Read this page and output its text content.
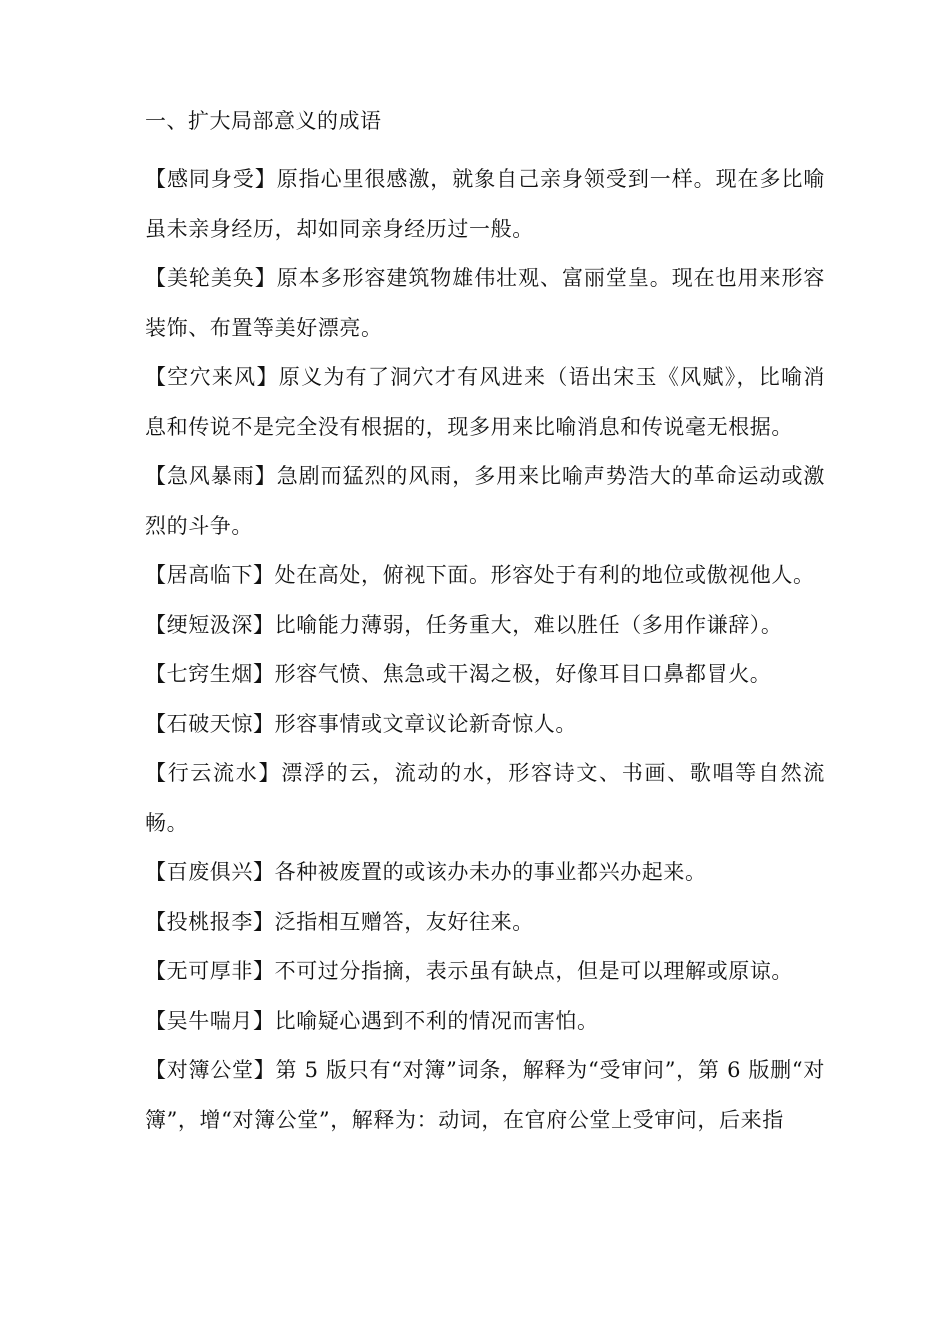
一、扩大局部意义的成语

【感同身受】原指心里很感激，就象自己亲身领受到一样。现在多比喻虽未亲身经历，却如同亲身经历过一般。

【美轮美奂】原本多形容建筑物雄伟壮观、富丽堂皇。现在也用来形容装饰、布置等美好漂亮。

【空穴来风】原义为有了洞穴才有风进来（语出宋玉《风赋》，比喻消息和传说不是完全没有根据的，现多用来比喻消息和传说毫无根据。

【急风暴雨】急剧而猛烈的风雨，多用来比喻声势浩大的革命运动或激烈的斗争。

【居高临下】处在高处，俯视下面。形容处于有利的地位或傲视他人。

【绠短汲深】比喻能力薄弱，任务重大，难以胜任（多用作谦辞）。

【七窍生烟】形容气愤、焦急或干渴之极，好像耳目口鼻都冒火。

【石破天惊】形容事情或文章议论新奇惊人。

【行云流水】漂浮的云，流动的水，形容诗文、书画、歌唱等自然流畅。

【百废俱兴】各种被废置的或该办未办的事业都兴办起来。

【投桃报李】泛指相互赠答，友好往来。

【无可厚非】不可过分指摘，表示虽有缺点，但是可以理解或原谅。

【吴牛喘月】比喻疑心遇到不利的情况而害怕。

【对簿公堂】第 5 版只有“对簿”词条，解释为“受审问”，第 6 版删“对簿”，增“对簿公堂”，解释为：动词，在官府公堂上受审问，后来指
